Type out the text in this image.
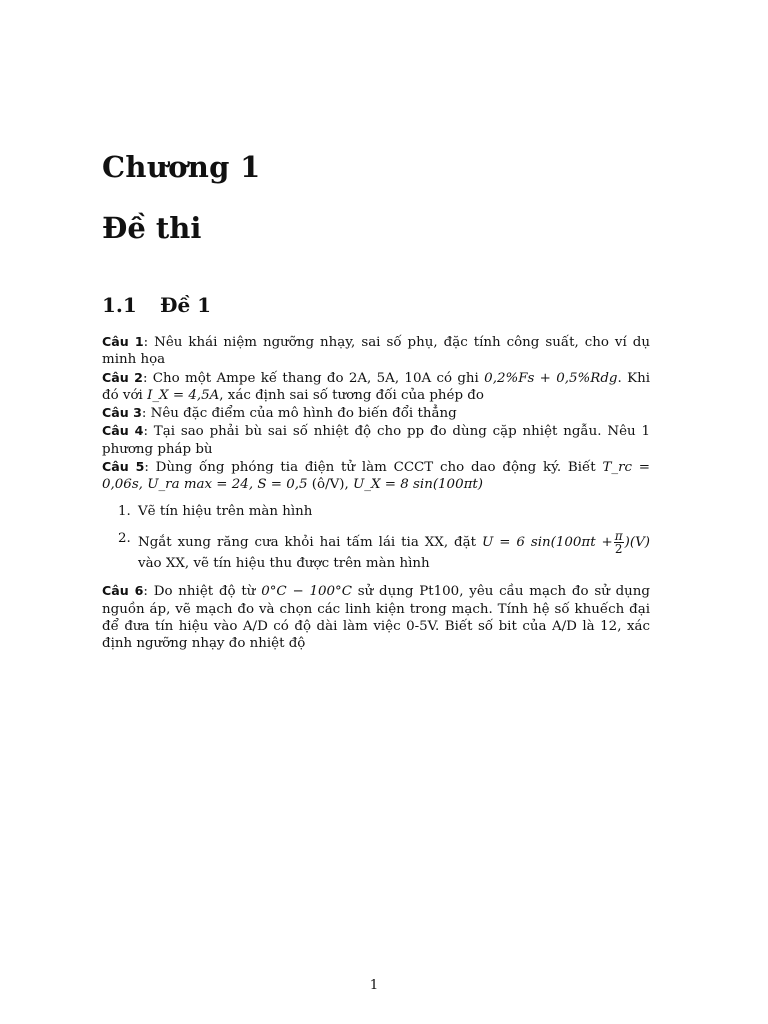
Chương 1
Đề thi
1.1 Đề 1

Câu 1: Nêu khái niệm ngưỡng nhạy, sai số phụ, đặc tính công suất, cho ví dụ minh họa

Câu 2: Cho một Ampe kế thang đo 2A, 5A, 10A có ghi 0,2%Fs + 0,5%Rdg. Khi đó với I_X = 4,5A, xác định sai số tương đối của phép đo

Câu 3: Nêu đặc điểm của mô hình đo biến đổi thẳng

Câu 4: Tại sao phải bù sai số nhiệt độ cho pp đo dùng cặp nhiệt ngẫu. Nêu 1 phương pháp bù

Câu 5: Dùng ống phóng tia điện tử làm CCCT cho dao động ký. Biết T_rc = 0,06s, U_ra max = 24, S = 0,5 (ô/V), U_X = 8 sin(100πt)

1. Vẽ tín hiệu trên màn hình
2. Ngắt xung răng cưa khỏi hai tấm lái tia XX, đặt U = 6 $\sin(100\pi t + \frac{\pi}{2} )(V)$ vào XX, vẽ tín hiệu thu được trên màn hình

Câu 6: Do nhiệt độ từ 0°C − 100°C sử dụng Pt100, yêu cầu mạch đo sử dụng nguồn áp, vẽ mạch đo và chọn các linh kiện trong mạch. Tính hệ số khuếch đại để đưa tín hiệu vào A/D có độ dài làm việc 0-5V. Biết số bit của A/D là 12, xác định ngưỡng nhạy đo nhiệt độ

1
